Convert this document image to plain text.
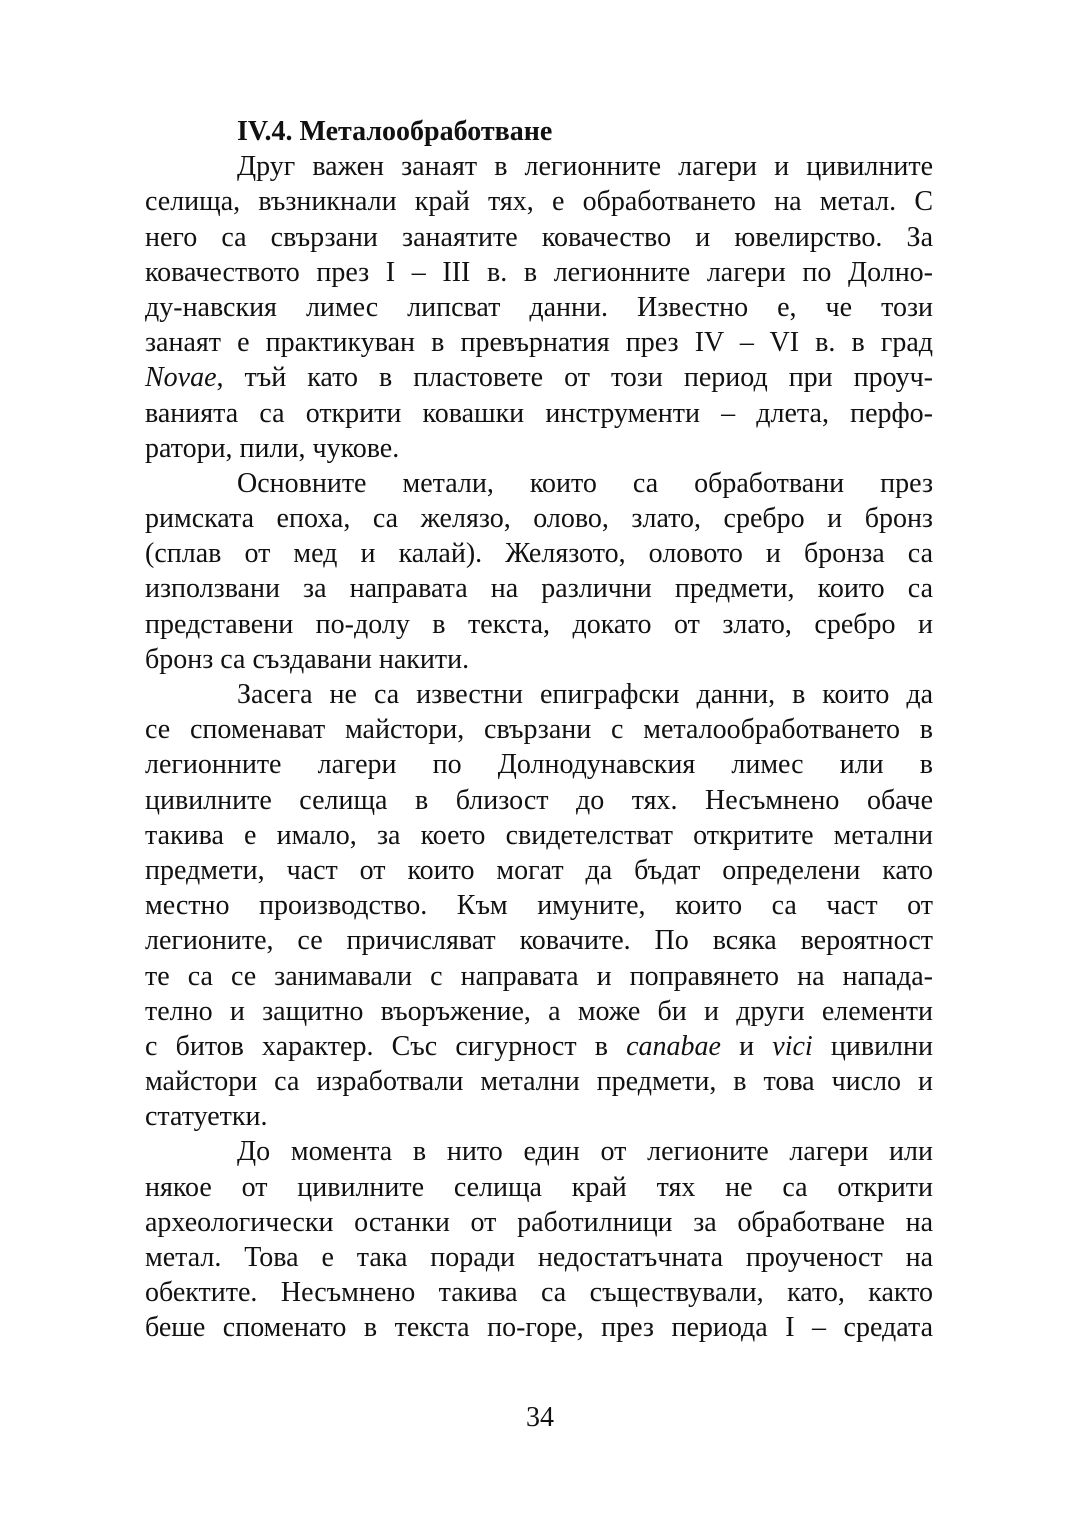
IV.4. Металообработване
Друг важен занаят в легионните лагери и цивилните
селища, възникнали край тях, е обработването на метал. С
него са свързани занаятите ковачество и ювелирство. За
ковачеството през I – III в. в легионните лагери по Долно-
ду-навския лимес липсват данни. Известно е, че този
занаят е практикуван в превърнатия през IV – VI в. в град
Novae, тъй като в пластовете от този период при проуч-
ванията са открити ковашки инструменти – длета, перфо-
ратори, пили, чукове.
Основните метали, които са обработвани през
римската епоха, са желязо, олово, злато, сребро и бронз
(сплав от мед и калай). Желязото, оловото и бронза са
използвани за направата на различни предмети, които са
представени по-долу в текста, докато от злато, сребро и
бронз са създавани накити.
Засега не са известни епиграфски данни, в които да
се споменават майстори, свързани с металообработването в
легионните лагери по Долнодунавския лимес или в
цивилните селища в близост до тях. Несъмнено обаче
такива е имало, за което свидетелстват откритите метални
предмети, част от които могат да бъдат определени като
местно производство. Към имуните, които са част от
легионите, се причисляват ковачите. По всяка вероятност
те са се занимавали с направата и поправянето на нападa-
телно и защитно въоръжение, а може би и други елементи
с битов характер. Със сигурност в canabae и vici цивилни
майстори са изработвали метални предмети, в това число и
статуетки.
До момента в нито един от легионите лагери или
някое от цивилните селища край тях не са открити
археологически останки от работилници за обработване на
метал. Това е така поради недостатъчната проученост на
обектите. Несъмнено такива са съществували, като, както
беше споменато в текста по-горе, през периода I – средата
34
